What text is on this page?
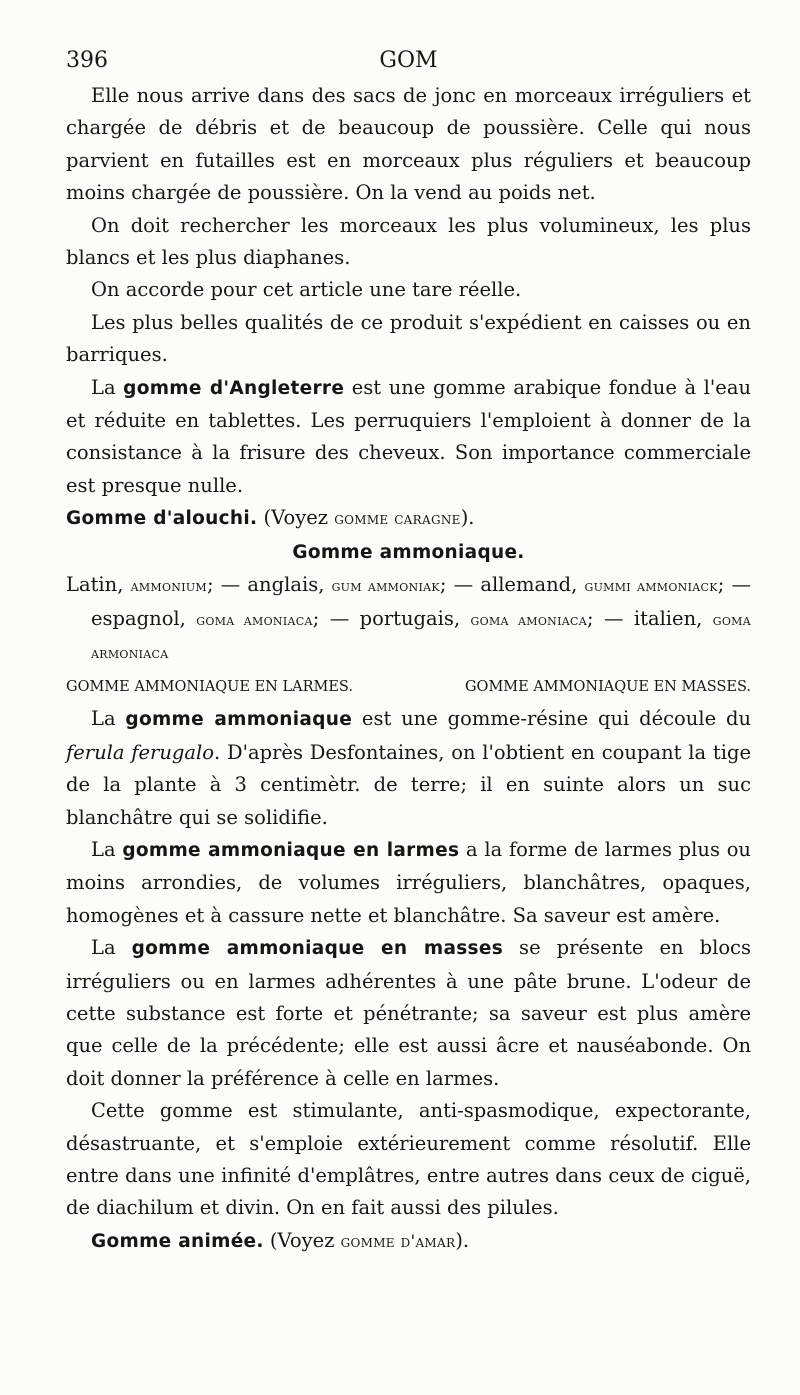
396	GOM

Elle nous arrive dans des sacs de jonc en morceaux irréguliers et chargée de débris et de beaucoup de poussière. Celle qui nous parvient en futailles est en morceaux plus réguliers et beaucoup moins chargée de poussière. On la vend au poids net.

On doit rechercher les morceaux les plus volumineux, les plus blancs et les plus diaphanes.

On accorde pour cet article une tare réelle.

Les plus belles qualités de ce produit s'expédient en caisses ou en barriques.

La gomme d'Angleterre est une gomme arabique fondue à l'eau et réduite en tablettes. Les perruquiers l'emploient à donner de la consistance à la frisure des cheveux. Son importance commerciale est presque nulle.

Gomme d'alouchi. (Voyez gomme caragne).

Gomme ammoniaque.

Latin, ammonium; — anglais, gum ammoniak; — allemand, gummi ammoniack; — espagnol, goma amoniaca; — portugais, goma amoniaca; — italien, goma armoniaca

GOMME AMMONIAQUE EN LARMES.	GOMME AMMONIAQUE EN MASSES.

La gomme ammoniaque est une gomme-résine qui découle du ferula ferugalo. D'après Desfontaines, on l'obtient en coupant la tige de la plante à 3 centimètr. de terre; il en suinte alors un suc blanchâtre qui se solidifie.

La gomme ammoniaque en larmes a la forme de larmes plus ou moins arrondies, de volumes irréguliers, blanchâtres, opaques, homogènes et à cassure nette et blanchâtre. Sa saveur est amère.

La gomme ammoniaque en masses se présente en blocs irréguliers ou en larmes adhérentes à une pâte brune. L'odeur de cette substance est forte et pénétrante; sa saveur est plus amère que celle de la précédente; elle est aussi âcre et nauséabonde. On doit donner la préférence à celle en larmes.

Cette gomme est stimulante, anti-spasmodique, expectorante, désastruante, et s'emploie extérieurement comme résolutif. Elle entre dans une infinité d'emplâtres, entre autres dans ceux de ciguë, de diachilum et divin. On en fait aussi des pilules.

Gomme animée. (Voyez gomme d'amar).
